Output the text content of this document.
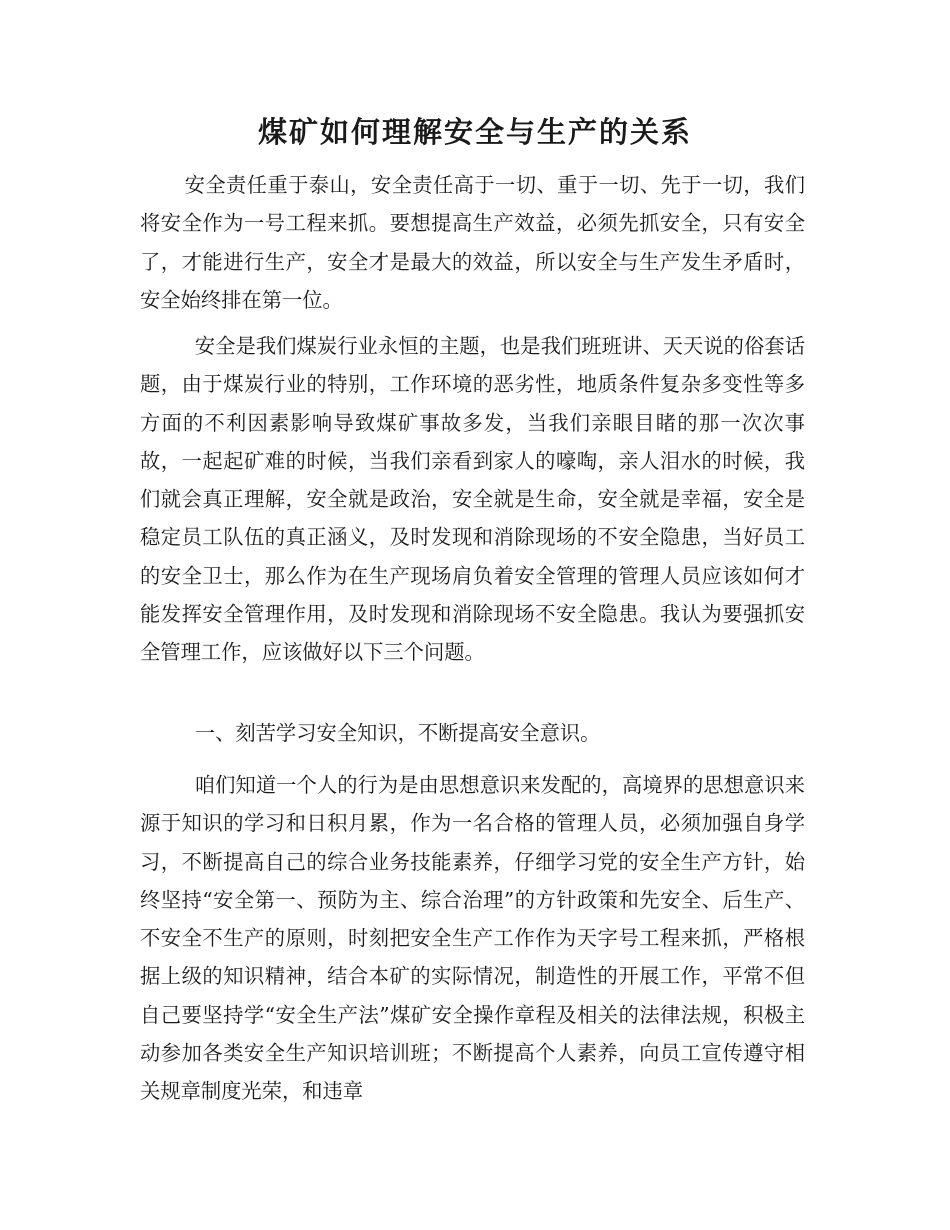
煤矿如何理解安全与生产的关系

安全责任重于泰山，安全责任高于一切、重于一切、先于一切，我们将安全作为一号工程来抓。要想提高生产效益，必须先抓安全，只有安全了，才能进行生产，安全才是最大的效益，所以安全与生产发生矛盾时，安全始终排在第一位。

安全是我们煤炭行业永恒的主题，也是我们班班讲、天天说的俗套话题，由于煤炭行业的特别，工作环境的恶劣性，地质条件复杂多变性等多方面的不利因素影响导致煤矿事故多发，当我们亲眼目睹的那一次次事故，一起起矿难的时候，当我们亲看到家人的嚎啕，亲人泪水的时候，我们就会真正理解，安全就是政治，安全就是生命，安全就是幸福，安全是稳定员工队伍的真正涵义，及时发现和消除现场的不安全隐患，当好员工的安全卫士，那么作为在生产现场肩负着安全管理的管理人员应该如何才能发挥安全管理作用，及时发现和消除现场不安全隐患。我认为要强抓安全管理工作，应该做好以下三个问题。

一、刻苦学习安全知识，不断提高安全意识。

咱们知道一个人的行为是由思想意识来发配的，高境界的思想意识来源于知识的学习和日积月累，作为一名合格的管理人员，必须加强自身学习，不断提高自己的综合业务技能素养，仔细学习党的安全生产方针，始终坚持“安全第一、预防为主、综合治理”的方针政策和先安全、后生产、不安全不生产的原则，时刻把安全生产工作作为天字号工程来抓，严格根据上级的知识精神，结合本矿的实际情况，制造性的开展工作，平常不但自己要坚持学“安全生产法”煤矿安全操作章程及相关的法律法规，积极主动参加各类安全生产知识培训班；不断提高个人素养，向员工宣传遵守相关规章制度光荣，和违章
